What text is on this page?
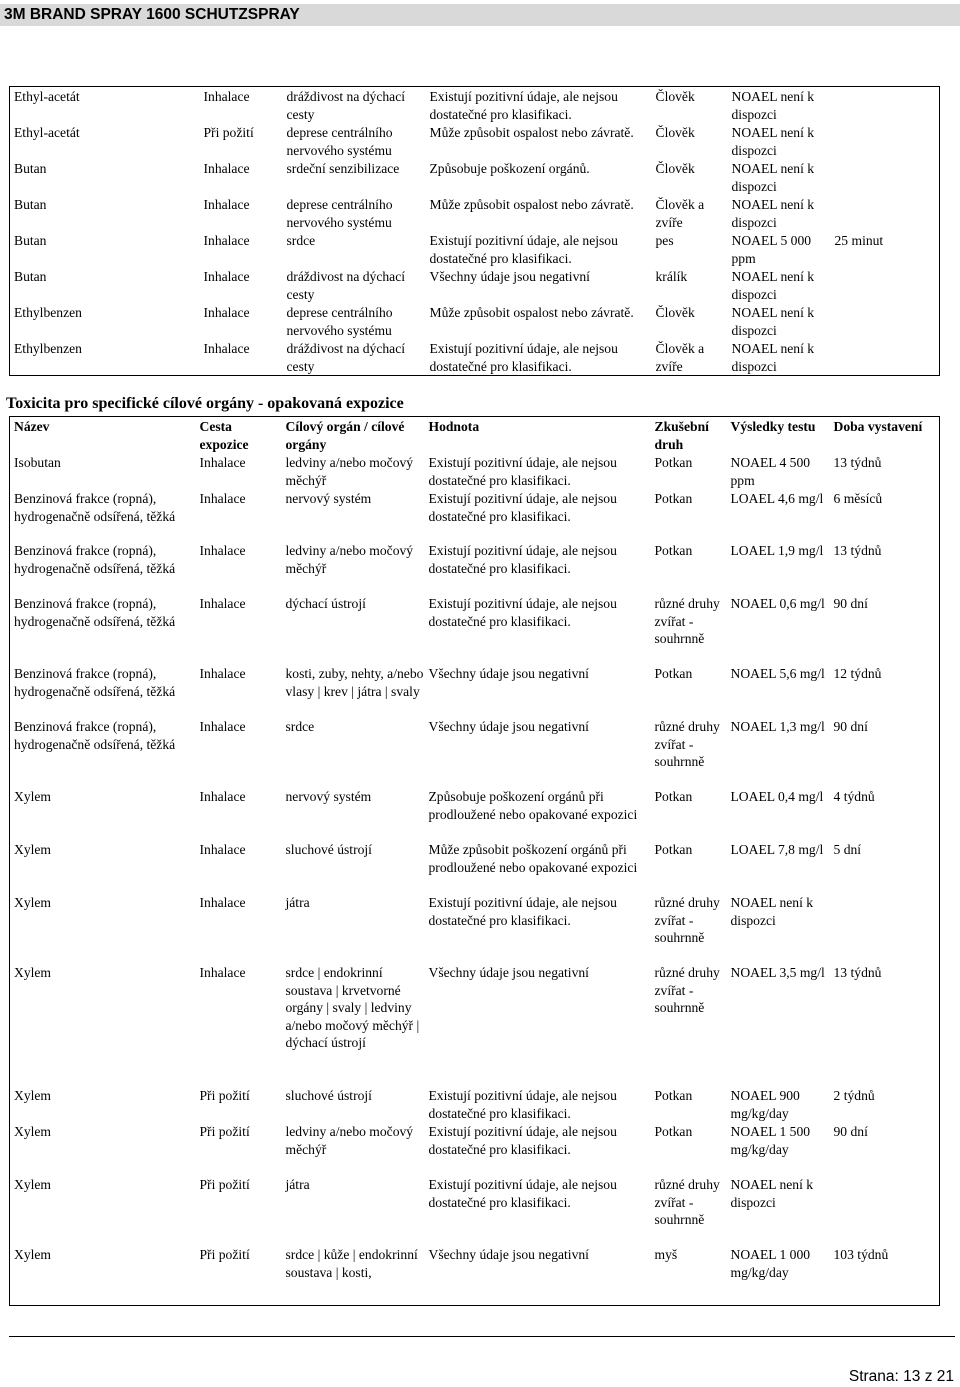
3M BRAND SPRAY 1600 SCHUTZSPRAY
Ethyl-acetát	Inhalace	dráždivost na dýchací cesty	Existují pozitivní údaje, ale nejsou dostatečné pro klasifikaci.	Člověk	NOAEL není k dispozci	
Ethyl-acetát	Při požití	deprese centrálního nervového systému	Může způsobit ospalost nebo závratě.	Člověk	NOAEL není k dispozci	
Butan	Inhalace	srdeční senzibilizace	Způsobuje poškození orgánů.	Člověk	NOAEL není k dispozci	
Butan	Inhalace	deprese centrálního nervového systému	Může způsobit ospalost nebo závratě.	Člověk a zvíře	NOAEL není k dispozci	
Butan	Inhalace	srdce	Existují pozitivní údaje, ale nejsou dostatečné pro klasifikaci.	pes	NOAEL 5 000 ppm	25 minut
Butan	Inhalace	dráždivost na dýchací cesty	Všechny údaje jsou negativní	králík	NOAEL není k dispozci	
Ethylbenzen	Inhalace	deprese centrálního nervového systému	Může způsobit ospalost nebo závratě.	Člověk	NOAEL není k dispozci	
Ethylbenzen	Inhalace	dráždivost na dýchací cesty	Existují pozitivní údaje, ale nejsou dostatečné pro klasifikaci.	Člověk a zvíře	NOAEL není k dispozci	
Toxicita pro specifické cílové orgány - opakovaná expozice
Název	Cesta expozice	Cílový orgán / cílové orgány	Hodnota	Zkušební druh	Výsledky testu	Doba vystavení
Isobutan	Inhalace	ledviny a/nebo močový měchýř	Existují pozitivní údaje, ale nejsou dostatečné pro klasifikaci.	Potkan	NOAEL 4 500 ppm	13 týdnů
Benzinová frakce (ropná), hydrogenačně odsířená, těžká	Inhalace	nervový systém	Existují pozitivní údaje, ale nejsou dostatečné pro klasifikaci.	Potkan	LOAEL 4,6 mg/l	6 měsíců
Benzinová frakce (ropná), hydrogenačně odsířená, těžká	Inhalace	ledviny a/nebo močový měchýř	Existují pozitivní údaje, ale nejsou dostatečné pro klasifikaci.	Potkan	LOAEL 1,9 mg/l	13 týdnů
Benzinová frakce (ropná), hydrogenačně odsířená, těžká	Inhalace	dýchací ústrojí	Existují pozitivní údaje, ale nejsou dostatečné pro klasifikaci.	různé druhy zvířat - souhrnně	NOAEL 0,6 mg/l	90 dní
Benzinová frakce (ropná), hydrogenačně odsířená, těžká	Inhalace	kosti, zuby, nehty, a/nebo vlasy | krev | játra | svaly	Všechny údaje jsou negativní	Potkan	NOAEL 5,6 mg/l	12 týdnů
Benzinová frakce (ropná), hydrogenačně odsířená, těžká	Inhalace	srdce	Všechny údaje jsou negativní	různé druhy zvířat - souhrnně	NOAEL 1,3 mg/l	90 dní
Xylem	Inhalace	nervový systém	Způsobuje poškození orgánů při prodloužené nebo opakované expozici	Potkan	LOAEL 0,4 mg/l	4 týdnů
Xylem	Inhalace	sluchové ústrojí	Může způsobit poškození orgánů při prodloužené nebo opakované expozici	Potkan	LOAEL 7,8 mg/l	5 dní
Xylem	Inhalace	játra	Existují pozitivní údaje, ale nejsou dostatečné pro klasifikaci.	různé druhy zvířat - souhrnně	NOAEL není k dispozci	
Xylem	Inhalace	srdce | endokrinní soustava | krvetvorné orgány | svaly | ledviny a/nebo močový měchýř | dýchací ústrojí	Všechny údaje jsou negativní	různé druhy zvířat - souhrnně	NOAEL 3,5 mg/l	13 týdnů
Xylem	Při požití	sluchové ústrojí	Existují pozitivní údaje, ale nejsou dostatečné pro klasifikaci.	Potkan	NOAEL 900 mg/kg/day	2 týdnů
Xylem	Při požití	ledviny a/nebo močový měchýř	Existují pozitivní údaje, ale nejsou dostatečné pro klasifikaci.	Potkan	NOAEL 1 500 mg/kg/day	90 dní
Xylem	Při požití	játra	Existují pozitivní údaje, ale nejsou dostatečné pro klasifikaci.	různé druhy zvířat - souhrnně	NOAEL není k dispozci	
Xylem	Při požití	srdce | kůže | endokrinní soustava | kosti,	Všechny údaje jsou negativní	myš	NOAEL 1 000 mg/kg/day	103 týdnů
Strana: 13 z 21
